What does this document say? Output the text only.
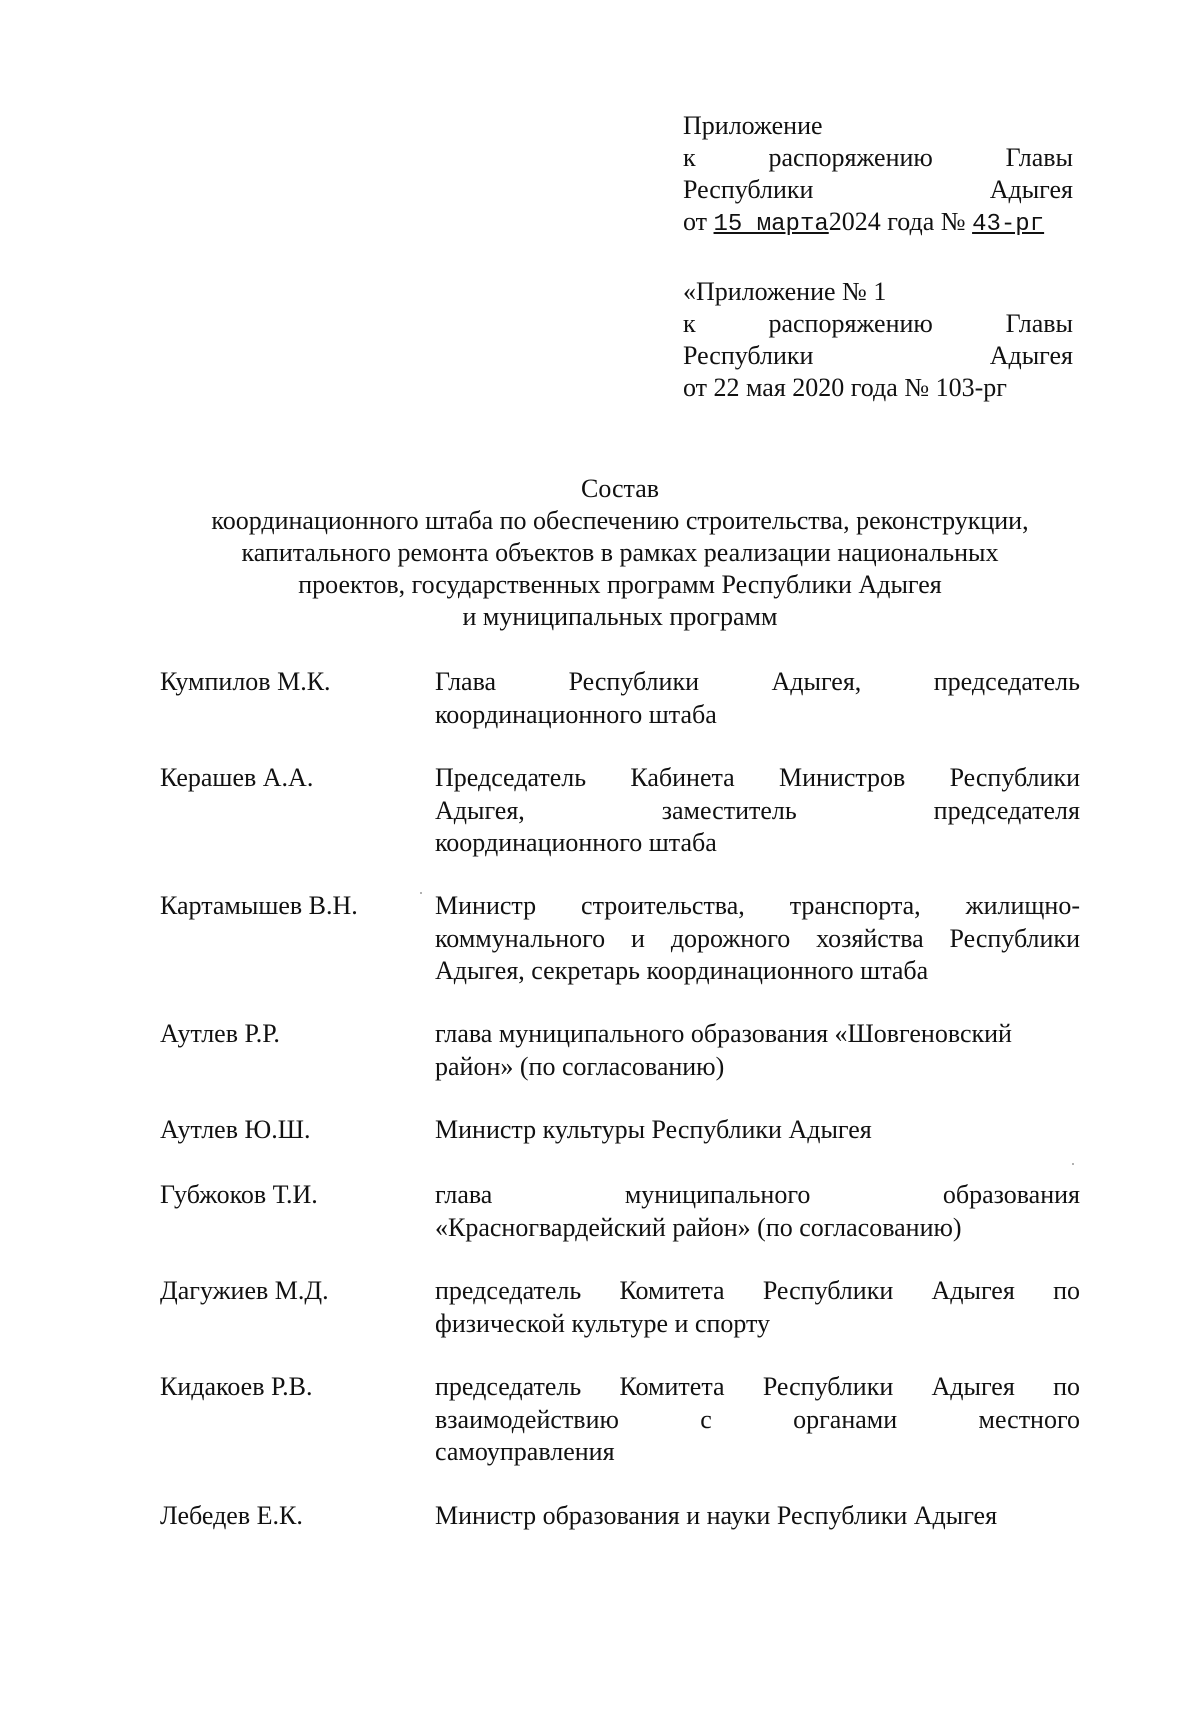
Приложение
к	распоряжению	Главы
Республики	Адыгея
от 15 марта2024 года № 43-рг
«Приложение № 1
к	распоряжению	Главы
Республики	Адыгея
от 22 мая 2020 года № 103-рг
Состав
координационного штаба по обеспечению строительства, реконструкции,
капитального ремонта объектов в рамках реализации национальных
проектов, государственных программ Республики Адыгея
и муниципальных программ
Кумпилов М.К.	Глава	Республики	Адыгея,	председатель
координационного штаба
Керашев А.А.	Председатель Кабинета Министров Республики
Адыгея,	заместитель	председателя
координационного штаба
Картамышев В.Н.	Министр строительства, транспорта, жилищно-
коммунального и дорожного хозяйства Республики
Адыгея, секретарь координационного штаба
Аутлев Р.Р.	глава муниципального образования «Шовгеновский
район» (по согласованию)
Аутлев Ю.Ш.	Министр культуры Республики Адыгея
Губжоков Т.И.	глава	муниципального	образования
«Красногвардейский район» (по согласованию)
Дагужиев М.Д.	председатель Комитета Республики Адыгея по
физической культуре и спорту
Кидакоев Р.В.	председатель Комитета Республики Адыгея по
взаимодействию	с	органами	местного
самоуправления
Лебедев Е.К.	Министр образования и науки Республики Адыгея
